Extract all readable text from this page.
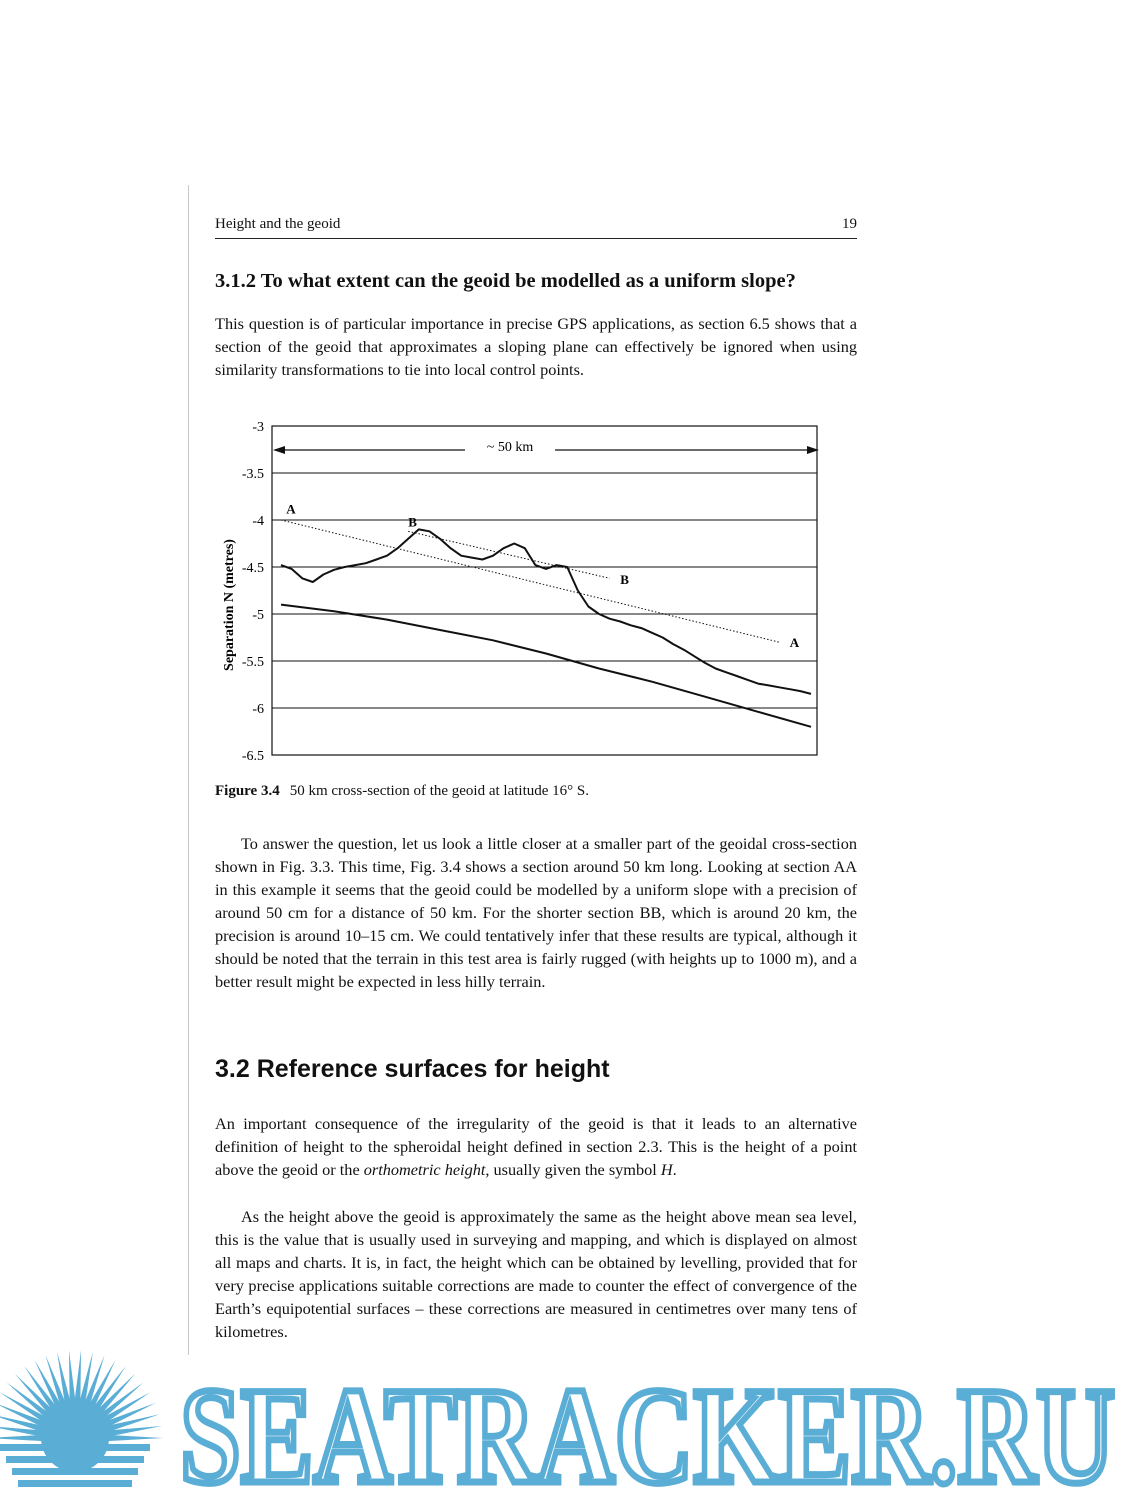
Height and the geoid	19
3.1.2 To what extent can the geoid be modelled as a uniform slope?

This question is of particular importance in precise GPS applications, as section 6.5 shows that a section of the geoid that approximates a sloping plane can effectively be ignored when using similarity transformations to tie into local control points.

-3
-3.5
-4
-4.5
-5
-5.5
-6
-6.5
A
B
B
A
Separation N (metres)
~ 50 km
Figure 3.4 50 km cross-section of the geoid at latitude 16° S.

To answer the question, let us look a little closer at a smaller part of the geoidal cross-section shown in Fig. 3.3. This time, Fig. 3.4 shows a section around 50 km long. Looking at section AA in this example it seems that the geoid could be modelled by a uniform slope with a precision of around 50 cm for a distance of 50 km. For the shorter section BB, which is around 20 km, the precision is around 10–15 cm. We could tentatively infer that these results are typical, although it should be noted that the terrain in this test area is fairly rugged (with heights up to 1000 m), and a better result might be expected in less hilly terrain.

3.2 Reference surfaces for height

An important consequence of the irregularity of the geoid is that it leads to an alternative definition of height to the spheroidal height defined in section 2.3. This is the height of a point above the geoid or the orthometric height, usually given the symbol H.

As the height above the geoid is approximately the same as the height above mean sea level, this is the value that is usually used in surveying and mapping, and which is displayed on almost all maps and charts. It is, in fact, the height which can be obtained by levelling, provided that for very precise applications suitable corrections are made to counter the effect of convergence of the Earth’s equipotential surfaces – these corrections are measured in centimetres over many tens of kilometres.

SEATRACKER.RU
